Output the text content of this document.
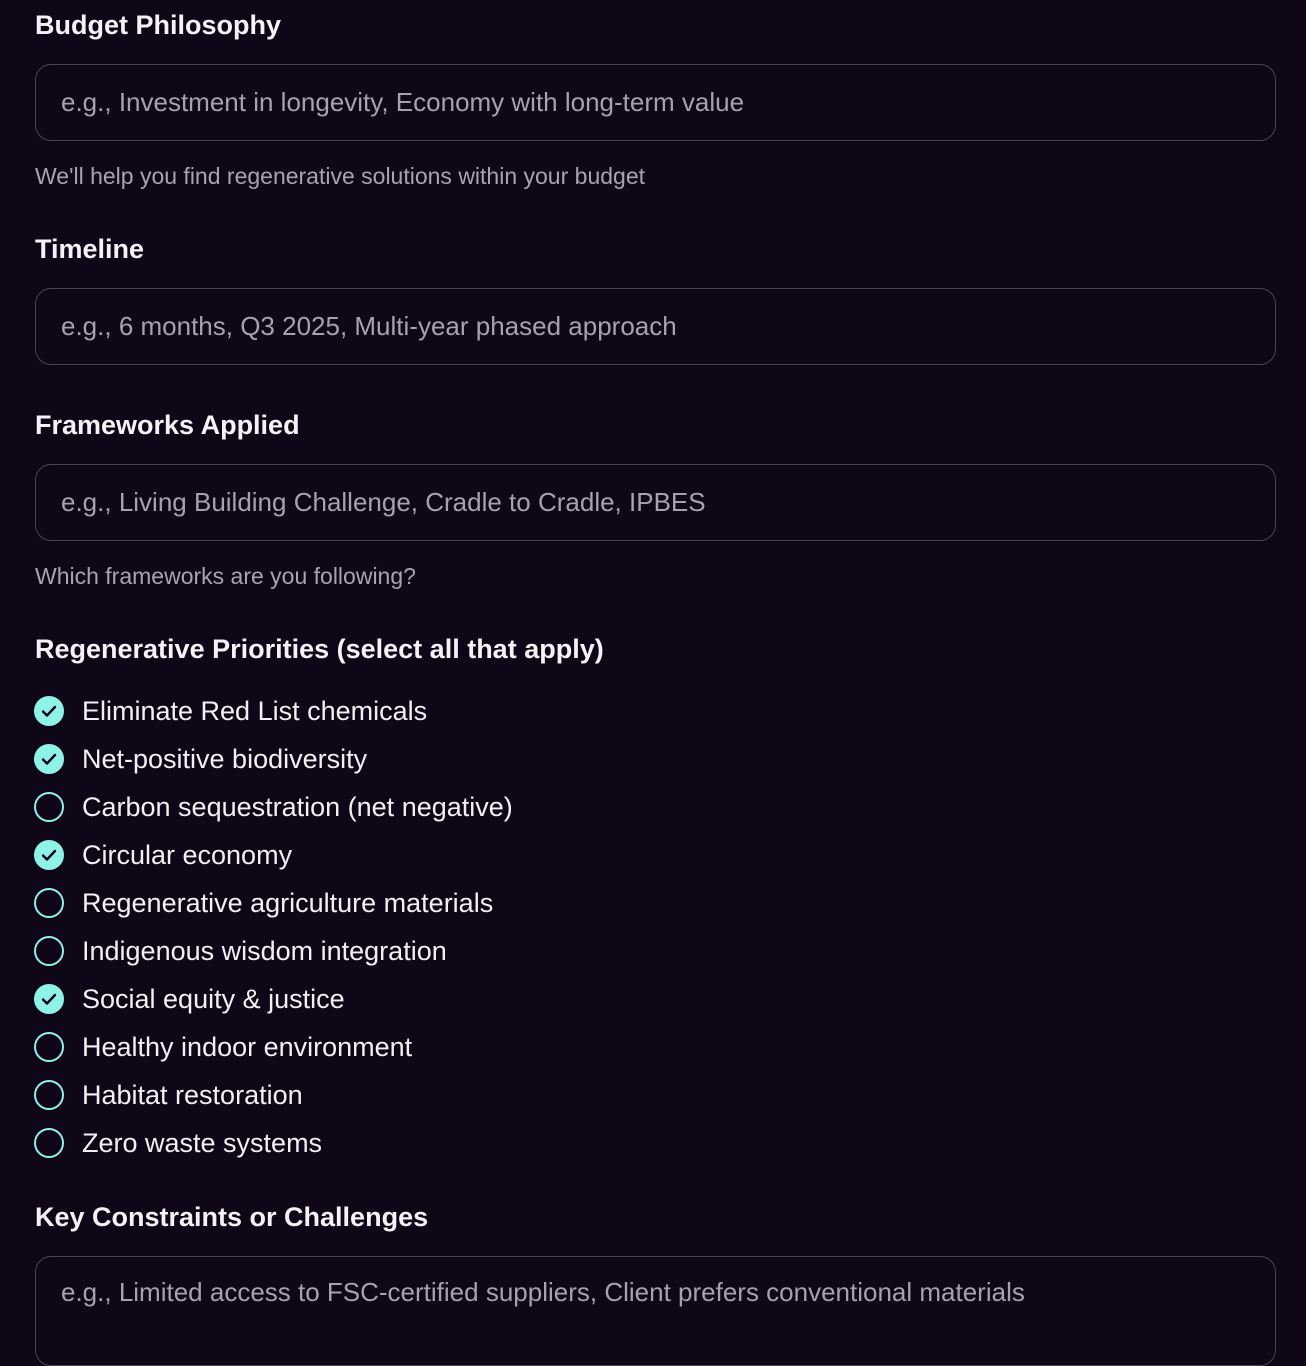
Budget Philosophy
e.g., Investment in longevity, Economy with long-term value
We'll help you find regenerative solutions within your budget
Timeline
e.g., 6 months, Q3 2025, Multi-year phased approach
Frameworks Applied
e.g., Living Building Challenge, Cradle to Cradle, IPBES
Which frameworks are you following?
Regenerative Priorities (select all that apply)
Eliminate Red List chemicals
Net-positive biodiversity
Carbon sequestration (net negative)
Circular economy
Regenerative agriculture materials
Indigenous wisdom integration
Social equity & justice
Healthy indoor environment
Habitat restoration
Zero waste systems
Key Constraints or Challenges
e.g., Limited access to FSC-certified suppliers, Client prefers conventional materials
